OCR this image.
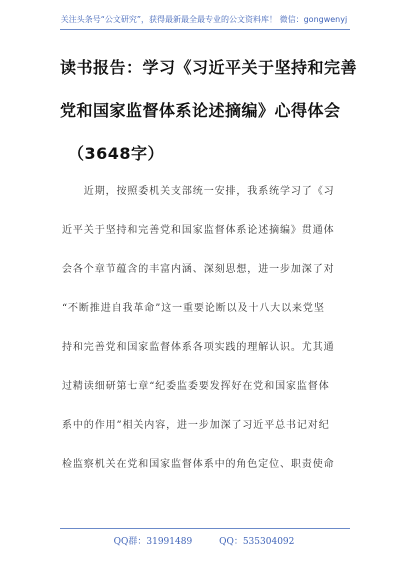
关注头条号“公文研究”，获得最新最全最专业的公文资料库！ 微信：gongwenyj
读书报告：学习《习近平关于坚持和完善
党和国家监督体系论述摘编》心得体会
（3648字）
　　近期，按照委机关支部统一安排，我系统学习了《习
近平关于坚持和完善党和国家监督体系论述摘编》贯通体
会各个章节蕴含的丰富内涵、深刻思想，进一步加深了对
“不断推进自我革命”这一重要论断以及十八大以来党坚
持和完善党和国家监督体系各项实践的理解认识。尤其通
过精读细研第七章“纪委监委要发挥好在党和国家监督体
系中的作用”相关内容，进一步加深了习近平总书记对纪
检监察机关在党和国家监督体系中的角色定位、职责使命
QQ群：31991489	QQ：535304092
